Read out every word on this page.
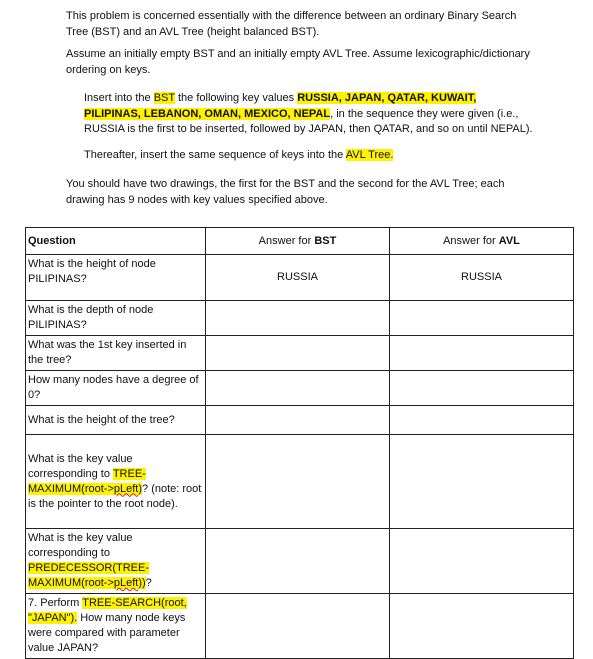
This problem is concerned essentially with the difference between an ordinary Binary Search Tree (BST) and an AVL Tree (height balanced BST).
Assume an initially empty BST and an initially empty AVL Tree. Assume lexicographic/dictionary ordering on keys.
Insert into the BST the following key values RUSSIA, JAPAN, QATAR, KUWAIT, PILIPINAS, LEBANON, OMAN, MEXICO, NEPAL, in the sequence they were given (i.e., RUSSIA is the first to be inserted, followed by JAPAN, then QATAR, and so on until NEPAL).
Thereafter, insert the same sequence of keys into the AVL Tree.
You should have two drawings, the first for the BST and the second for the AVL Tree; each drawing has 9 nodes with key values specified above.
Question	Answer for BST	Answer for AVL
What is the height of node PILIPINAS?	RUSSIA	RUSSIA
What is the depth of node PILIPINAS?		
What was the 1st key inserted in the tree?		
How many nodes have a degree of 0?		
What is the height of the tree?		
What is the key value corresponding to TREE-MAXIMUM(root->pLeft)? (note: root is the pointer to the root node).		
What is the key value corresponding to PREDECESSOR(TREE-MAXIMUM(root->pLeft))?		
7. Perform TREE-SEARCH(root, "JAPAN"). How many node keys were compared with parameter value JAPAN?		
